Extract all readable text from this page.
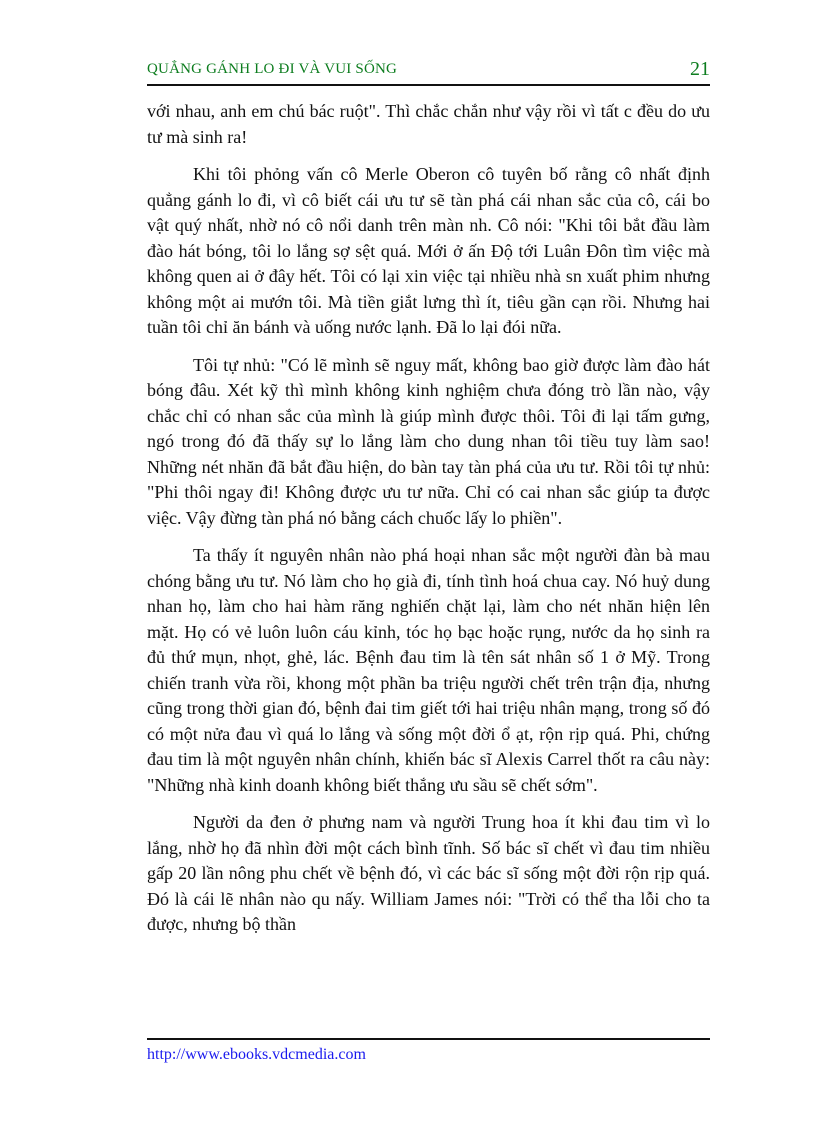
QUẲNG GÁNH LO ĐI VÀ VUI SỐNG	21

với nhau, anh em chú bác ruột". Thì chắc chắn như vậy rồi vì tất c đều do ưu tư mà sinh ra!

Khi tôi phỏng vấn cô Merle Oberon cô tuyên bố rằng cô nhất định quẳng gánh lo đi, vì cô biết cái ưu tư sẽ tàn phá cái nhan sắc của cô, cái bo vật quý nhất, nhờ nó cô nổi danh trên màn nh. Cô nói: "Khi tôi bắt đầu làm đào hát bóng, tôi lo lắng sợ sệt quá. Mới ở ấn Độ tới Luân Đôn tìm việc mà không quen ai ở đây hết. Tôi có lại xin việc tại nhiều nhà sn xuất phim nhưng không một ai mướn tôi. Mà tiền giắt lưng thì ít, tiêu gần cạn rồi. Nhưng hai tuần tôi chỉ ăn bánh và uống nước lạnh. Đã lo lại đói nữa.

Tôi tự nhủ: "Có lẽ mình sẽ nguy mất, không bao giờ được làm đào hát bóng đâu. Xét kỹ thì mình không kinh nghiệm chưa đóng trò lần nào, vậy chắc chỉ có nhan sắc của mình là giúp mình được thôi. Tôi đi lại tấm gưng, ngó trong đó đã thấy sự lo lắng làm cho dung nhan tôi tiều tuy làm sao! Những nét nhăn đã bắt đầu hiện, do bàn tay tàn phá của ưu tư. Rồi tôi tự nhủ: "Phi thôi ngay đi! Không được ưu tư nữa. Chỉ có cai nhan sắc giúp ta được việc. Vậy đừng tàn phá nó bằng cách chuốc lấy lo phiền".

Ta thấy ít nguyên nhân nào phá hoại nhan sắc một người đàn bà mau chóng bằng ưu tư. Nó làm cho họ già đi, tính tình hoá chua cay. Nó huỷ dung nhan họ, làm cho hai hàm răng nghiến chặt lại, làm cho nét nhăn hiện lên mặt. Họ có vẻ luôn luôn cáu kỉnh, tóc họ bạc hoặc rụng, nước da họ sinh ra đủ thứ mụn, nhọt, ghẻ, lác. Bệnh đau tim là tên sát nhân số 1 ở Mỹ. Trong chiến tranh vừa rồi, khong một phần ba triệu người chết trên trận địa, nhưng cũng trong thời gian đó, bệnh đai tim giết tới hai triệu nhân mạng, trong số đó có một nửa đau vì quá lo lắng và sống một đời ổ ạt, rộn rịp quá. Phi, chứng đau tim là một nguyên nhân chính, khiến bác sĩ Alexis Carrel thốt ra câu này: "Những nhà kinh doanh không biết thắng ưu sầu sẽ chết sớm".

Người da đen ở phưng nam và người Trung hoa ít khi đau tim vì lo lắng, nhờ họ đã nhìn đời một cách bình tĩnh. Số bác sĩ chết vì đau tim nhiều gấp 20 lần nông phu chết về bệnh đó, vì các bác sĩ sống một đời rộn rịp quá. Đó là cái lẽ nhân nào qu nấy. William James nói: "Trời có thể tha lỗi cho ta được, nhưng bộ thần

http://www.ebooks.vdcmedia.com
